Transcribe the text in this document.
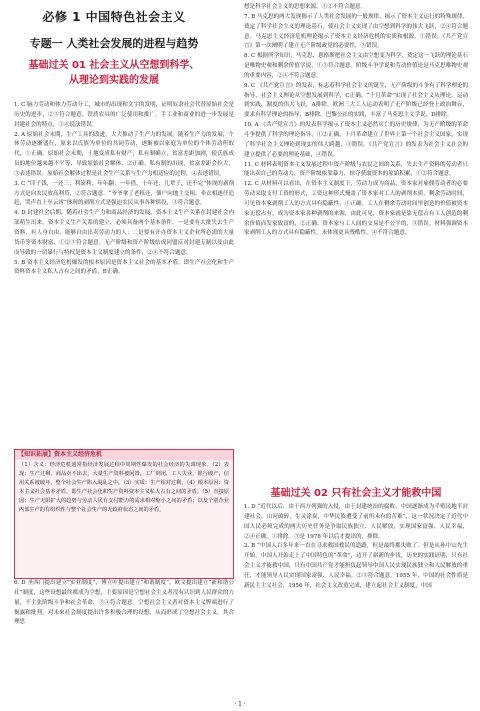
必修 1 中国特色社会主义
专题一 人类社会发展的进程与趋势
基础过关 01 社会主义从空想到科学、
从理论到实践的发展

1. C 脑力劳动和体力劳动分工，城市的出现和文字的发明，证明奴隶社会代替原始社会是历史的进步，②③符合题意。铁质农具的广泛使用和推广，手工业和商业的进一步发展是封建社会的特点，①④说法错误。

2. A 原始社会末期，生产工具的改进，大大推动了生产力的发展。随着生产力的发展，个体劳动逐渐盛行，原来以氏族为单位的共同劳动，逐渐被以家庭为单位的个体劳动所取代，①正确。原始社会末期，土地变成私有财产，私有制确立，贫富差距加剧，使氏族成员的地位越来越不平等，导致原始社会解体，②正确。私有制的出现，贫富差距会拉大，③表述错误。原始社会解体过程是社会生产关系与生产力相适应的过程，④表述错误。

3. C “印子钱，一还三；利滚利，年年翻；一年借，十年还；几辈子，还不完”体现的剥削方式是向农民放高利贷，②符合题意。“爷爷拿了老租还，佃户向地主交租、牵衣相逐任追赶，哭声直上至云霄”体现的剥削方式是强迫农民从事各种徭役，③符合题意。

4. D 封建社会后期，随着社会生产力和商品经济的发展，资本主义生产关系在封建社会内部萌生出来。资本主义生产关系的建立，必须具备两个基本条件，一是要有大批失去生产资料、有人身自由、能够自由出卖劳动力的人；二是要有开办资本主义企业所必需的大量货币等资本财富，①②③符合题意。无产阶级和资产阶级结成同盟反对封建专制以及由此而导致的一切暴行与特权是资本主义制度建立的条件，②④不符合题意。

5. B 资本主义经济危机爆发的根本原因是资本主义社会的基本矛盾，即生产社会化和生产资料资本主义私人占有之间的矛盾，B正确。

【知识拓展】资本主义经济危机
（1）含义：经济危机通常指经济发展过程中周期性爆发的社会经济的失调现象。（2）表现：生产过剩、商品卖不出去，大量生产资料被闲置，工厂倒闭，工人失业，银行破产，信用关系被破坏，整个社会生产陷入混乱之中。（3）实质：生产相对过剩。（4）根本原因：资本主义社会基本矛盾，即生产社会化和生产资料资本主义私人占有之间的矛盾。（5）直接原因：生产无限扩大的趋势与劳动人民有支付能力的需求相对缩小之间的矛盾；以及个别企业内部生产的有组织性与整个社会生产的无政府状态之间的矛盾。

6. D 圣西门提出建立“实业制度”，傅立叶提出建立“和谐制度”，欧文提出建立“新和谐公社”制度，这些设想最终都成为空想，主要原因是空想社会主义者没有认识到人民群众的力量，不主张阶级斗争和社会革命，③④符合题意。空想社会主义者对资本主义弊端进行了揭露和批判，对未来社会制度提出许多积极合理的设想，从而形成了空想社会主义，其合理思

想是科学社会主义的思想来源，①②不符合题意。

7. B 马克思的两大发现揭示了人类社会发展的一般规律，揭示了资本主义运行的特殊规律，奠定了科学社会主义的理论基石，使社会主义实现了由空想到科学的伟大飞跃，②④符合题意。马克思主义经济危机理论揭示了资本主义经济危机的实质和根源，①错误。《共产党宣言》第一次阐明了建立无产阶级政党的必要性，③错误。

8. C 根据所学知识，马克思、恩格斯把社会主义由空想变为科学，奠定这一飞跃的理论基石是唯物史观和剩余价值学说，①③符合题意。阶级斗争学说和劳动价值论是马克思唯物史观的重要内容，②④不符合题意。

9. C 《共产党宣言》的发表，标志着科学社会主义的诞生，无产阶级的斗争有了科学理论的指导，社会主义理论从空想发展到科学，C正确。“十月革命”实现了社会主义从理论、运动到实践、制度的伟大飞跃，A排除。欧洲三大工人运动表明了无产阶级已经登上政治舞台，要求有科学理论的指导，B排除。巴黎公社的实践，丰富了马克思主义学说，D排除。

10. A 《共产党宣言》的发表科学揭示了资本主义必然灭亡的历史规律，为无产阶级的革命斗争提供了科学的理论指导，①②正确。十月革命建立了世界上第一个社会主义国家，实现了科学社会主义理论到现实的伟大跨越，③错误。《共产党宣言》的发表为社会主义社会的建立提供了必要的理论基础，④错误。

11. C 材料表明资本主义发展过程中资产阶级与农民之间的关系，失去生产资料的劳动者只能出卖自己的劳动力，资产阶级依靠暴力，掠夺获取资本的原始积累，①②符合题意。

12. C 从材料可以看出，在资本主义制度下，劳动力成为商品，资本家对雇佣劳动者的必要劳动采取支付工资的形式，工资这种形式掩盖了资本家对工人的剥削本质，剩余劳动时间，可见资本家剥削工人的方式具有隐蔽性，①正确。工人在剩余劳动时间里创造的价值被资本家无偿占有，成为资本家各种剥削的来源，由此可见，资本家就是靠无偿占有工人创造的剩余价值而发家致富的，②正确。资本家与工人间的交易是不公平的，③错误。材料强调资本家剥削工人的方式具有隐蔽性，未体现更具残酷性，④不符合题意。

基础过关 02 只有社会主义才能救中国

1. D “近代以后，由于西方列强的入侵，由于封建统治的腐败，中国逐渐成为半殖民地半封建社会，山河破碎，生灵涂炭，中华民族遭受了前所未有的苦难”，这一状况决定了近代中国人民必须完成的两大历史任务是争取民族独立、人民解放，实现国家富强、人民幸福，②④正确，①排除。③是 1978 年以后才提出的，排除。

2. B “中国人百多年来一直在寻求救国救民的道路，但是最终都失败了。但是从孙中山先生开始，中国人开始走上了中国特色的“革命”，迈开了崭新的步伐，历史的实践证明，只有社会主义才能救中国，只有中国共产党才能担负起领导中国人民实现民族独立和人民解放的重任，才能领导人民实现国家富强、人民幸福。②③符合题意。1955 年，中国的社会性质是新民主主义社会，1956 年，社会主义改造完成，建立起社会主义制度，中国

· 1 ·
